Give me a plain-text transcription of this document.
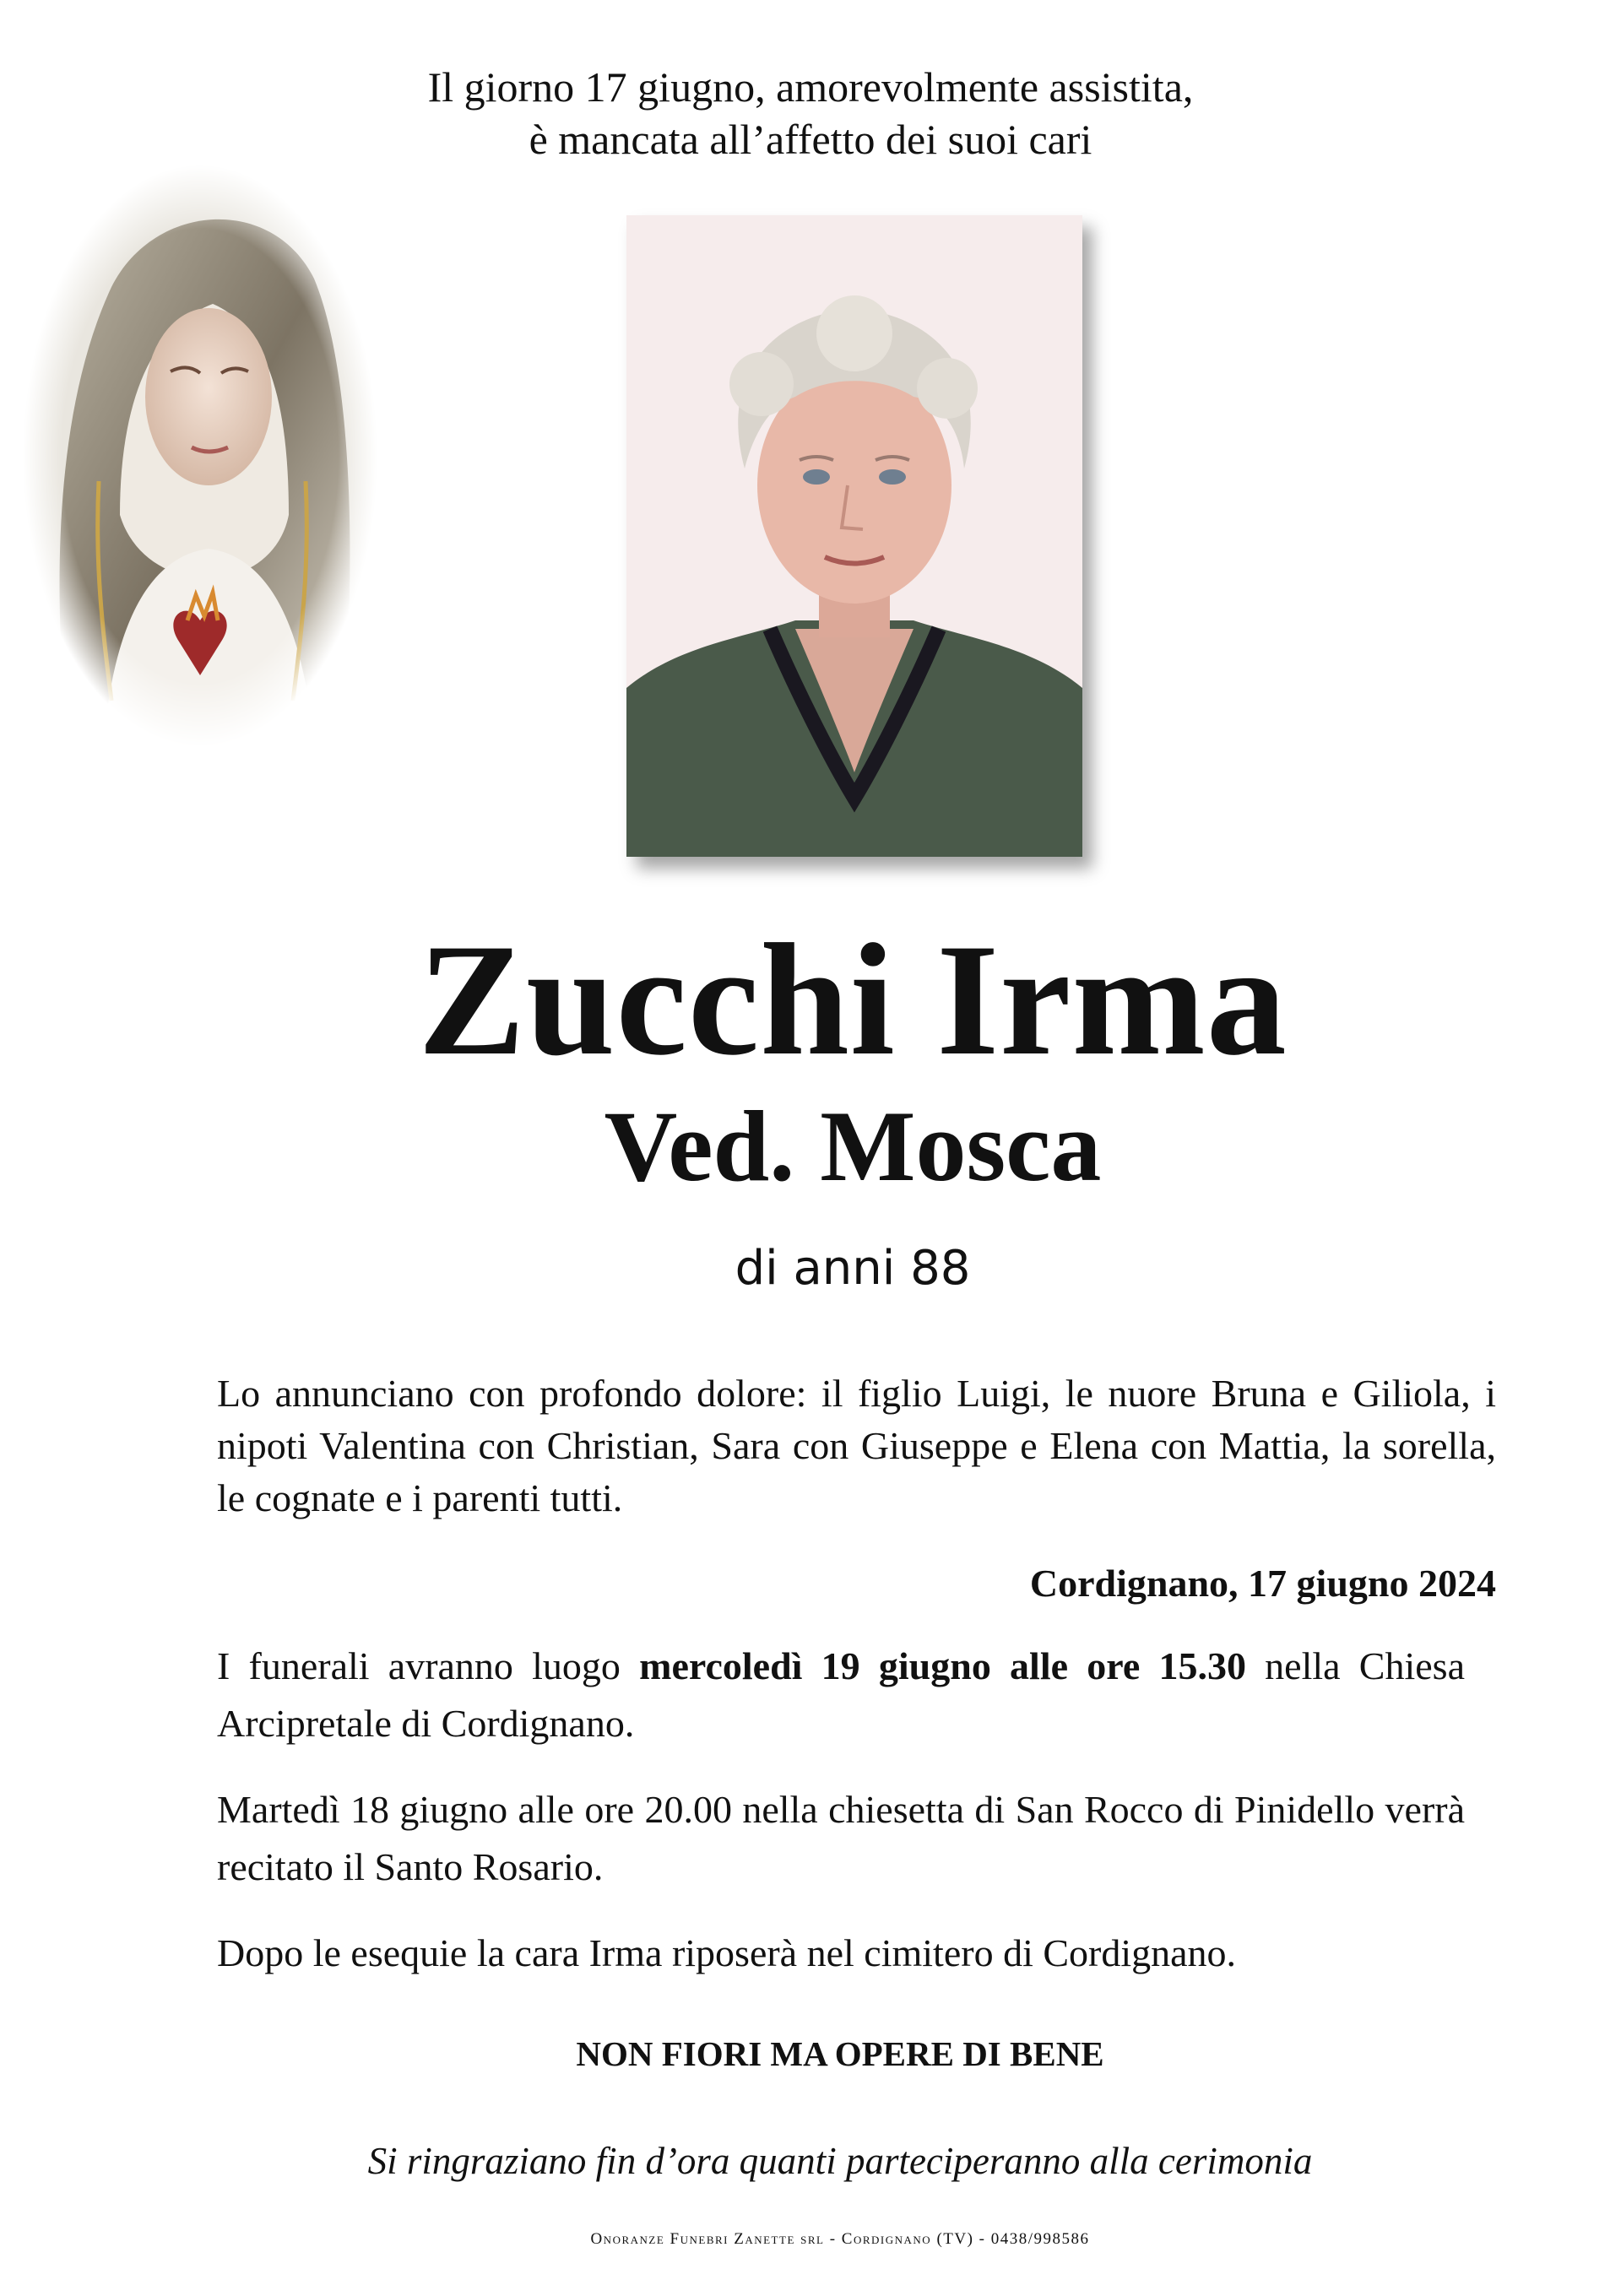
Il giorno 17 giugno, amorevolmente assistita,
è mancata all’affetto dei suoi cari
Zucchi Irma
Ved. Mosca
di anni 88
Lo annunciano con profondo dolore: il figlio Luigi, le nuore Bruna e Giliola, i nipoti Valentina con Christian, Sara con Giuseppe e Elena con Mattia, la sorella, le cognate e i parenti tutti.
Cordignano, 17 giugno 2024
I funerali avranno luogo mercoledì 19 giugno alle ore 15.30 nella Chiesa Arcipretale di Cordignano.
Martedì 18 giugno alle ore 20.00 nella chiesetta di San Rocco di Pinidello verrà recitato il Santo Rosario.
Dopo le esequie la cara Irma riposerà nel cimitero di Cordignano.
NON FIORI MA OPERE DI BENE
Si ringraziano fin d’ora quanti parteciperanno alla cerimonia
Onoranze Funebri Zanette srl - Cordignano (TV) - 0438/998586
